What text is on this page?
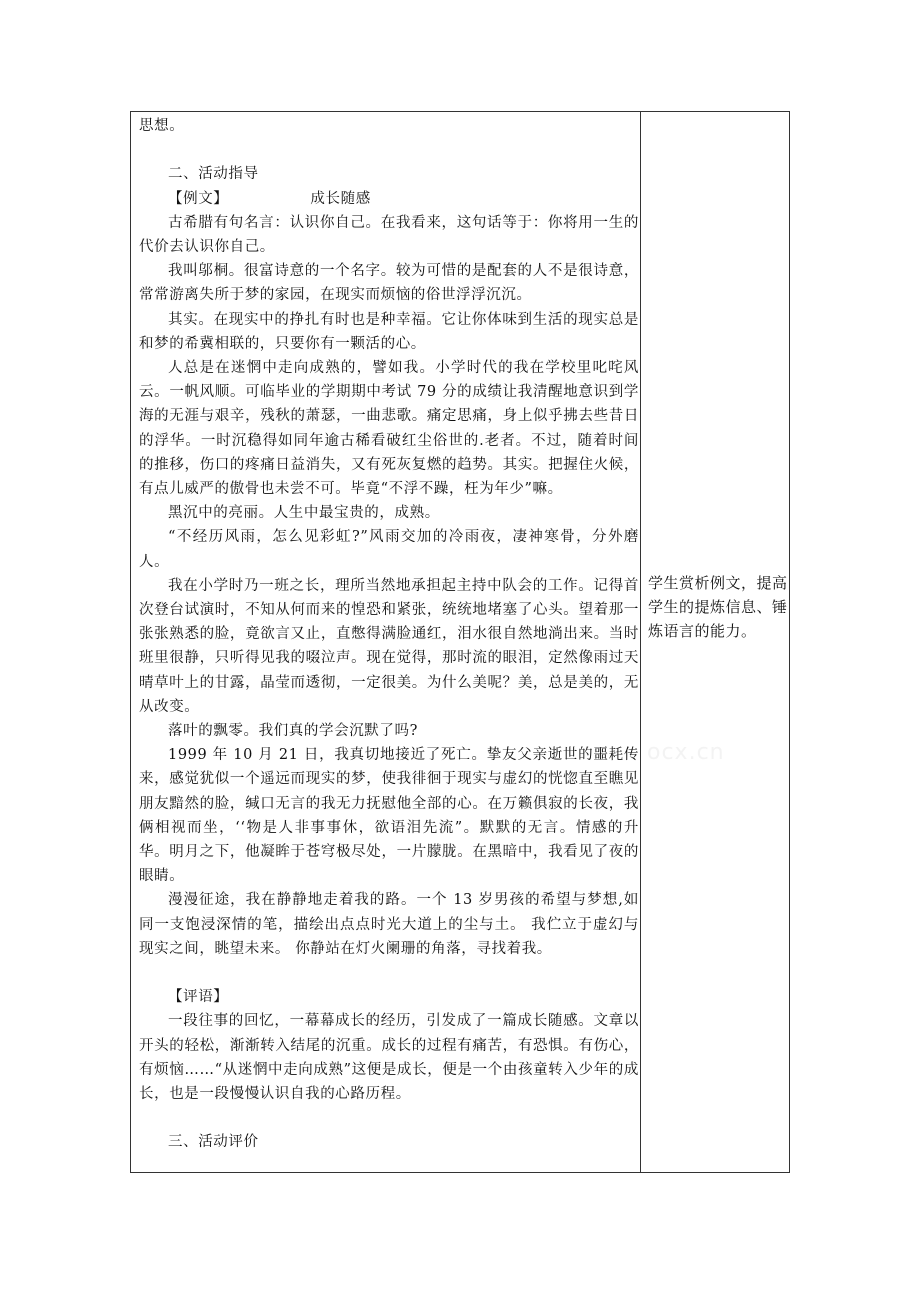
思想。

二、活动指导

【例文】	成长随感

古希腊有句名言：认识你自己。在我看来，这句话等于：你将用一生的代价去认识你自己。

我叫邬桐。很富诗意的一个名字。较为可惜的是配套的人不是很诗意，常常游离失所于梦的家园，在现实而烦恼的俗世浮浮沉沉。

其实。在现实中的挣扎有时也是种幸福。它让你体味到生活的现实总是和梦的希冀相联的，只要你有一颗活的心。

人总是在迷惘中走向成熟的，譬如我。小学时代的我在学校里叱咤风云。一帆风顺。可临毕业的学期期中考试 79 分的成绩让我清醒地意识到学海的无涯与艰辛，残秋的萧瑟，一曲悲歌。痛定思痛，身上似乎拂去些昔日的浮华。一时沉稳得如同年逾古稀看破红尘俗世的.老者。不过，随着时间的推移，伤口的疼痛日益消失，又有死灰复燃的趋势。其实。把握住火候，有点儿威严的傲骨也未尝不可。毕竟“不浮不躁，枉为年少”嘛。

黑沉中的亮丽。人生中最宝贵的，成熟。

“不经历风雨，怎么见彩虹?”风雨交加的冷雨夜，凄神寒骨，分外磨人。

我在小学时乃一班之长，理所当然地承担起主持中队会的工作。记得首次登台试演时，不知从何而来的惶恐和紧张，统统地堵塞了心头。望着那一张张熟悉的脸，竟欲言又止，直憋得满脸通红，泪水很自然地淌出来。当时班里很静，只听得见我的啜泣声。现在觉得，那时流的眼泪，定然像雨过天晴草叶上的甘露，晶莹而透彻，一定很美。为什么美呢？美，总是美的，无从改变。

落叶的飘零。我们真的学会沉默了吗?

1999 年 10 月 21 日，我真切地接近了死亡。挚友父亲逝世的噩耗传来，感觉犹似一个遥远而现实的梦，使我徘徊于现实与虚幻的恍惚直至瞧见朋友黯然的脸，缄口无言的我无力抚慰他全部的心。在万籁俱寂的长夜，我俩相视而坐，‘‘物是人非事事休，欲语泪先流”。默默的无言。情感的升华。明月之下，他凝眸于苍穹极尽处，一片朦胧。在黑暗中，我看见了夜的眼睛。

漫漫征途，我在静静地走着我的路。一个 13 岁男孩的希望与梦想,如同一支饱浸深情的笔，描绘出点点时光大道上的尘与土。 我伫立于虚幻与现实之间，眺望未来。 你静站在灯火阑珊的角落，寻找着我。

【评语】

一段往事的回忆，一幕幕成长的经历，引发成了一篇成长随感。文章以开头的轻松，渐渐转入结尾的沉重。成长的过程有痛苦，有恐惧。有伤心，有烦恼……“从迷惘中走向成熟”这便是成长，便是一个由孩童转入少年的成长，也是一段慢慢认识自我的心路历程。

三、活动评价

ocx.cn
学生赏析例文，提高学生的提炼信息、锤炼语言的能力。
